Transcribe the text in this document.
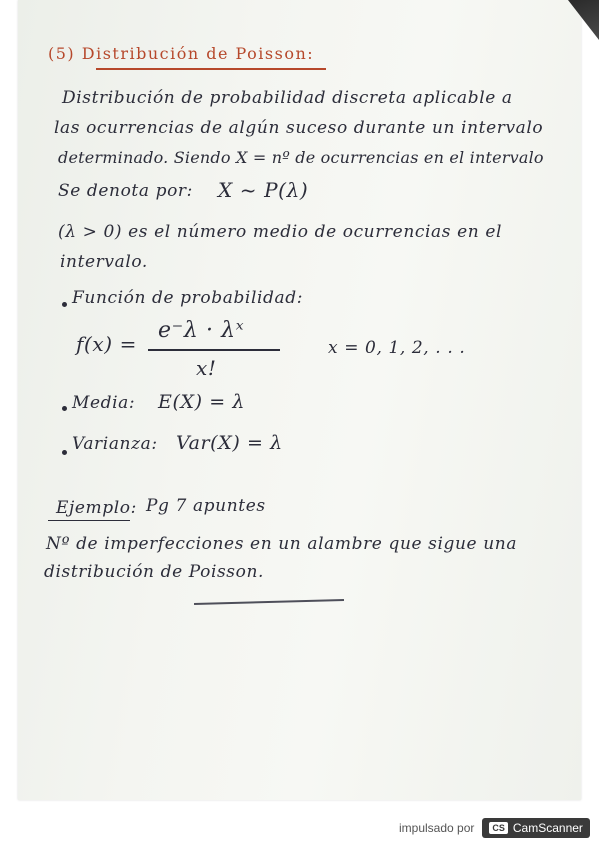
(5) Distribución de Poisson:
Distribución de probabilidad discreta aplicable a
las ocurrencias de algún suceso durante un intervalo
determinado. Siendo X = nº de ocurrencias en el intervalo
Se denota por: X ~ P(λ)
(λ > 0) es el número medio de ocurrencias en el
intervalo.
Función de probabilidad:
f(x) =
e⁻λ · λˣ
x!
x = 0, 1, 2, . . .
Media: E(X) = λ
Varianza: Var(X) = λ
Ejemplo: Pg 7 apuntes
Nº de imperfecciones en un alambre que sigue una
distribución de Poisson.
impulsado por	CS CamScanner
